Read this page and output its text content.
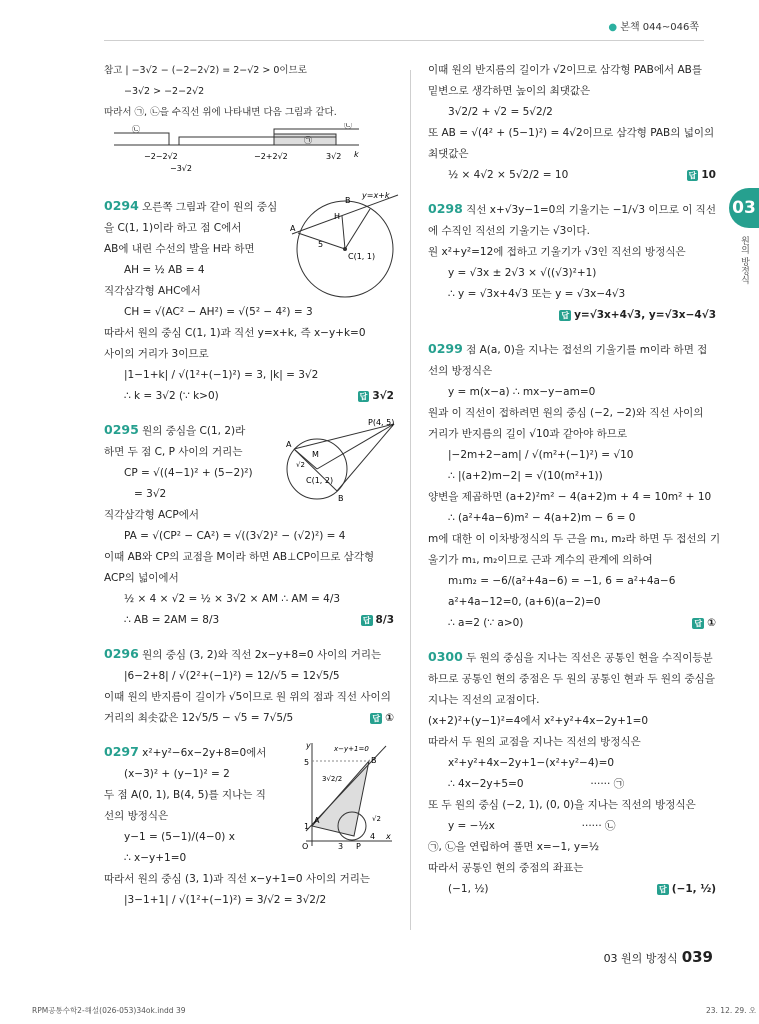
● 본책 044~046쪽
03
원의 방정식
참고 | −3√2 − (−2−2√2) = 2−√2 > 0이므로
−3√2 > −2−2√2
따라서 ㉠, ㉡을 수직선 위에 나타내면 다음 그림과 같다.
㉡
㉠
㉡
−2−2√2
−3√2
−2+2√2	3√2 k
y=x+k
A
B
H
C(1, 1)
5
0294 오른쪽 그림과 같이 원의 중심
을 C(1, 1)이라 하고 점 C에서
AB에 내린 수선의 발을 H라 하면
AH = ½ AB = 4
직각삼각형 AHC에서
CH = √(AC² − AH²) = √(5² − 4²) = 3
따라서 원의 중심 C(1, 1)과 직선 y=x+k, 즉 x−y+k=0
사이의 거리가 3이므로
|1−1+k| / √(1²+(−1)²) = 3, |k| = 3√2
∴ k = 3√2 (∵ k>0)	답 3√2
P(4, 5)
A
M
C(1, 2)
B
√2
0295 원의 중심을 C(1, 2)라
하면 두 점 C, P 사이의 거리는
CP = √((4−1)² + (5−2)²)
= 3√2
직각삼각형 ACP에서
PA = √(CP² − CA²) = √((3√2)² − (√2)²) = 4
이때 AB와 CP의 교점을 M이라 하면 AB⊥CP이므로 삼각형
ACP의 넓이에서
½ × 4 × √2 = ½ × 3√2 × AM ∴ AM = 4/3
∴ AB = 2AM = 8/3	답 8/3
0296 원의 중심 (3, 2)와 직선 2x−y+8=0 사이의 거리는
|6−2+8| / √(2²+(−1)²) = 12/√5 = 12√5/5
이때 원의 반지름이 길이가 √5이므로 원 위의 점과 직선 사이의
거리의 최솟값은 12√5/5 − √5 = 7√5/5	답 ①
y
x
O
A
B
P
5
1
3
4
3√2/2
√2
x−y+1=0
0297 x²+y²−6x−2y+8=0에서
(x−3)² + (y−1)² = 2
두 점 A(0, 1), B(4, 5)를 지나는 직
선의 방정식은
y−1 = (5−1)/(4−0) x
∴ x−y+1=0
따라서 원의 중심 (3, 1)과 직선 x−y+1=0 사이의 거리는
|3−1+1| / √(1²+(−1)²) = 3/√2 = 3√2/2
이때 원의 반지름의 길이가 √2이므로 삼각형 PAB에서 AB를
밑변으로 생각하면 높이의 최댓값은
3√2/2 + √2 = 5√2/2
또 AB = √(4² + (5−1)²) = 4√2이므로 삼각형 PAB의 넓이의
최댓값은
½ × 4√2 × 5√2/2 = 10	답 10
0298 직선 x+√3y−1=0의 기울기는 −1/√3 이므로 이 직선
에 수직인 직선의 기울기는 √3이다.
원 x²+y²=12에 접하고 기울기가 √3인 직선의 방정식은
y = √3x ± 2√3 × √((√3)²+1)
∴ y = √3x+4√3 또는 y = √3x−4√3
답 y=√3x+4√3, y=√3x−4√3
0299 점 A(a, 0)을 지나는 접선의 기울기를 m이라 하면 접
선의 방정식은
y = m(x−a) ∴ mx−y−am=0
원과 이 직선이 접하려면 원의 중심 (−2, −2)와 직선 사이의
거리가 반지름의 길이 √10과 같아야 하므로
|−2m+2−am| / √(m²+(−1)²) = √10
∴ |(a+2)m−2| = √(10(m²+1))
양변을 제곱하면 (a+2)²m² − 4(a+2)m + 4 = 10m² + 10
∴ (a²+4a−6)m² − 4(a+2)m − 6 = 0
m에 대한 이 이차방정식의 두 근을 m₁, m₂라 하면 두 접선의 기
울기가 m₁, m₂이므로 근과 계수의 관계에 의하여
m₁m₂ = −6/(a²+4a−6) = −1, 6 = a²+4a−6
a²+4a−12=0, (a+6)(a−2)=0
∴ a=2 (∵ a>0)	답 ①
0300 두 원의 중심을 지나는 직선은 공통인 현을 수직이등분
하므로 공통인 현의 중점은 두 원의 공통인 현과 두 원의 중심을
지나는 직선의 교점이다.
(x+2)²+(y−1)²=4에서 x²+y²+4x−2y+1=0
따라서 두 원의 교점을 지나는 직선의 방정식은
x²+y²+4x−2y+1−(x²+y²−4)=0
∴ 4x−2y+5=0                    ······ ㉠
또 두 원의 중심 (−2, 1), (0, 0)을 지나는 직선의 방정식은
y = −½x                          ······ ㉡
㉠, ㉡을 연립하여 풀면 x=−1, y=½
따라서 공통인 현의 중점의 좌표는
(−1, ½)	답 (−1, ½)
03 원의 방정식 039
RPM공통수학2-해설(026-053)34ok.indd 39	23. 12. 29. 오
